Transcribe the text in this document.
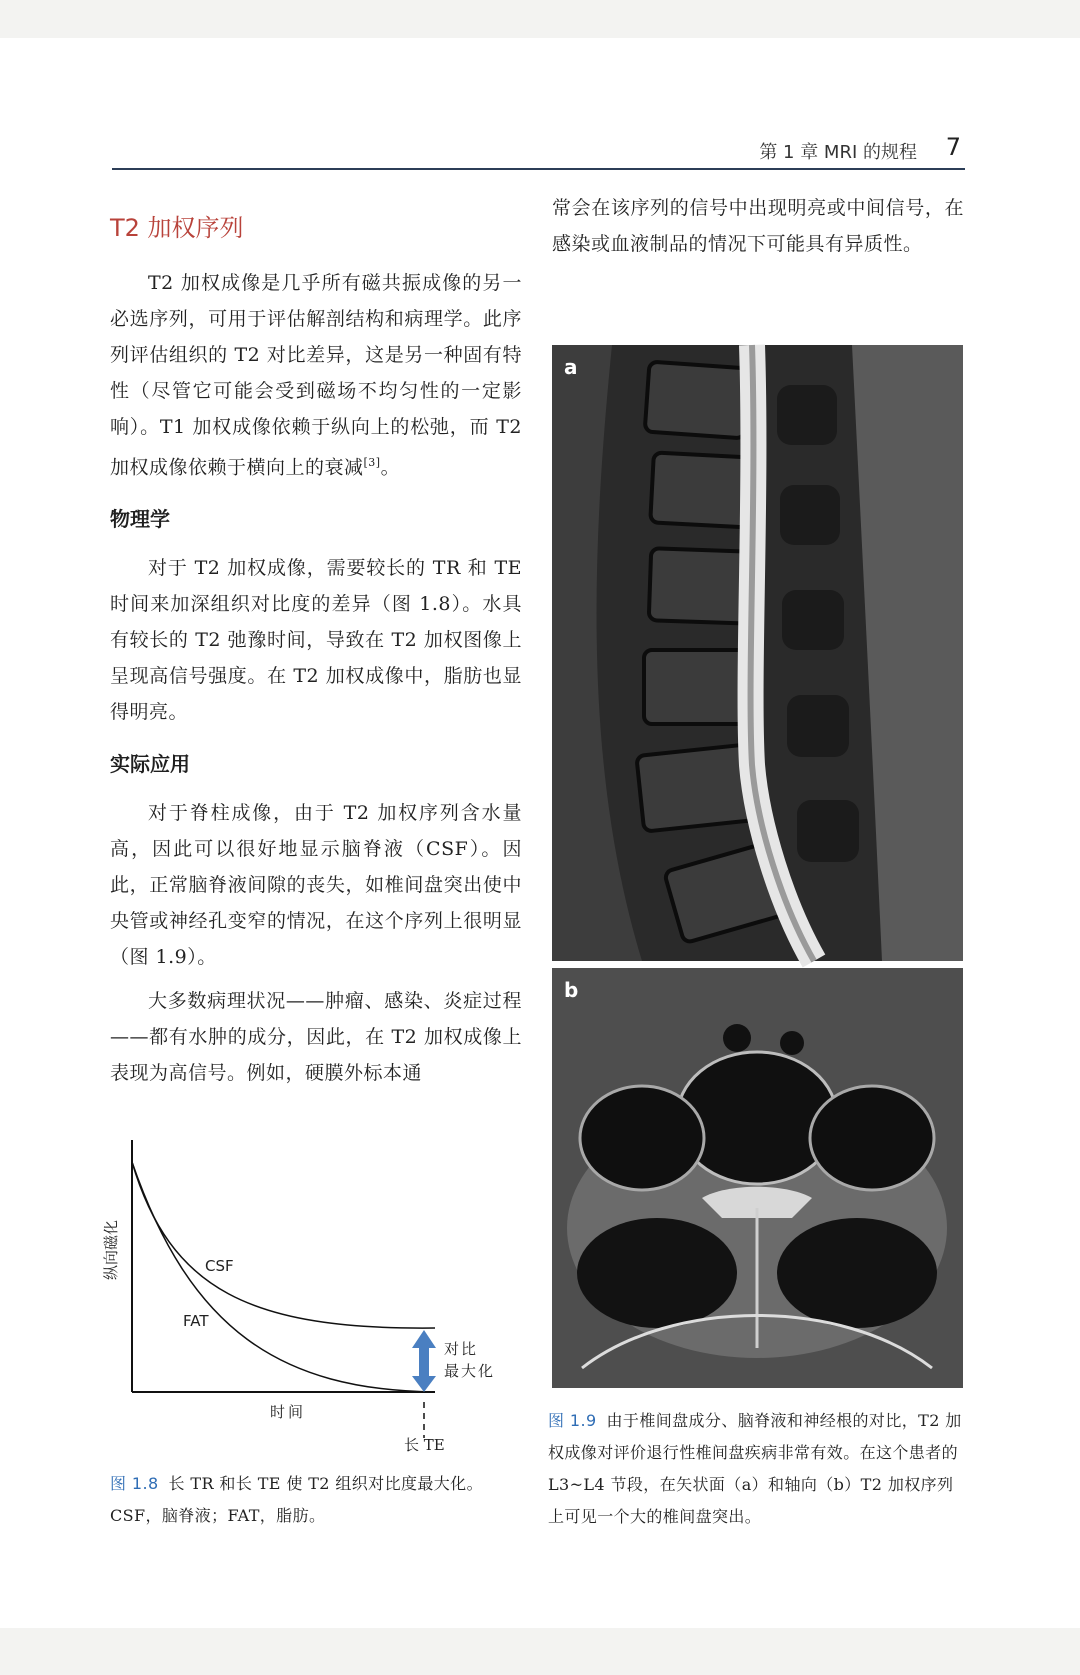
第 1 章 MRI 的规程 7
T2 加权序列

T2 加权成像是几乎所有磁共振成像的另一必选序列，可用于评估解剖结构和病理学。此序列评估组织的 T2 对比差异，这是另一种固有特性（尽管它可能会受到磁场不均匀性的一定影响）。T1 加权成像依赖于纵向上的松弛，而 T2 加权成像依赖于横向上的衰减[3]。

物理学

对于 T2 加权成像，需要较长的 TR 和 TE 时间来加深组织对比度的差异（图 1.8）。水具有较长的 T2 弛豫时间，导致在 T2 加权图像上呈现高信号强度。在 T2 加权成像中，脂肪也显得明亮。

实际应用

对于脊柱成像，由于 T2 加权序列含水量高，因此可以很好地显示脑脊液（CSF）。因此，正常脑脊液间隙的丧失，如椎间盘突出使中央管或神经孔变窄的情况，在这个序列上很明显（图 1.9）。

大多数病理状况——肿瘤、感染、炎症过程——都有水肿的成分，因此，在 T2 加权成像上表现为高信号。例如，硬膜外标本通

常会在该序列的信号中出现明亮或中间信号，在感染或血液制品的情况下可能具有异质性。

纵向磁化	CSF
FAT
对比
最大化
时间
长 TE
图 1.8 长 TR 和长 TE 使 T2 组织对比度最大化。CSF，脑脊液；FAT，脂肪。
a
b
图 1.9 由于椎间盘成分、脑脊液和神经根的对比，T2 加权成像对评价退行性椎间盘疾病非常有效。在这个患者的 L3~L4 节段，在矢状面（a）和轴向（b）T2 加权序列上可见一个大的椎间盘突出。
